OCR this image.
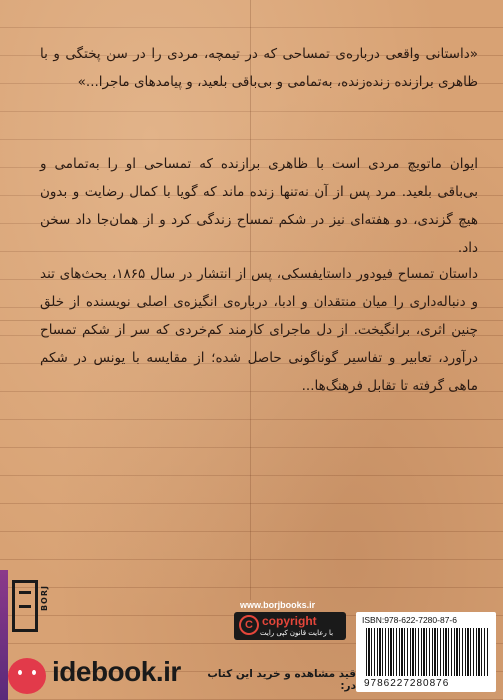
«داستانی واقعی درباره‌ی تمساحی که در تیمچه، مردی را در سن پختگی و با ظاهری برازنده زنده‌زنده، به‌تمامی و بی‌باقی بلعید، و پیامدهای ماجرا...»
ایوان ماتویچ مردی است با ظاهری برازنده که تمساحی او را به‌تمامی و بی‌باقی بلعید. مرد پس از آن نه‌تنها زنده ماند که گویا با کمال رضایت و بدون هیچ گزندی، دو هفته‌ای نیز در شکم تمساح زندگی کرد و از همان‌جا داد سخن داد.
داستان تمساح فیودور داستایفسکی، پس از انتشار در سال ۱۸۶۵، بحث‌های تند و دنباله‌داری را میان منتقدان و ادبا، درباره‌ی انگیزه‌ی اصلی نویسنده از خلق چنین اثری، برانگیخت. از دل ماجرای کارمند کم‌خردی که سر از شکم تمساح درآورد، تعابیر و تفاسیر گوناگونی حاصل شده؛ از مقایسه با یونس در شکم ماهی گرفته تا تقابل فرهنگ‌ها...
BORJ	www.borjbooks.ir
C copyright
با رعایت قانون کپی رایت
ISBN:978-622-7280-87-6
9786227280876
idebook.ir	قید مشاهده و خرید این کتاب در:
